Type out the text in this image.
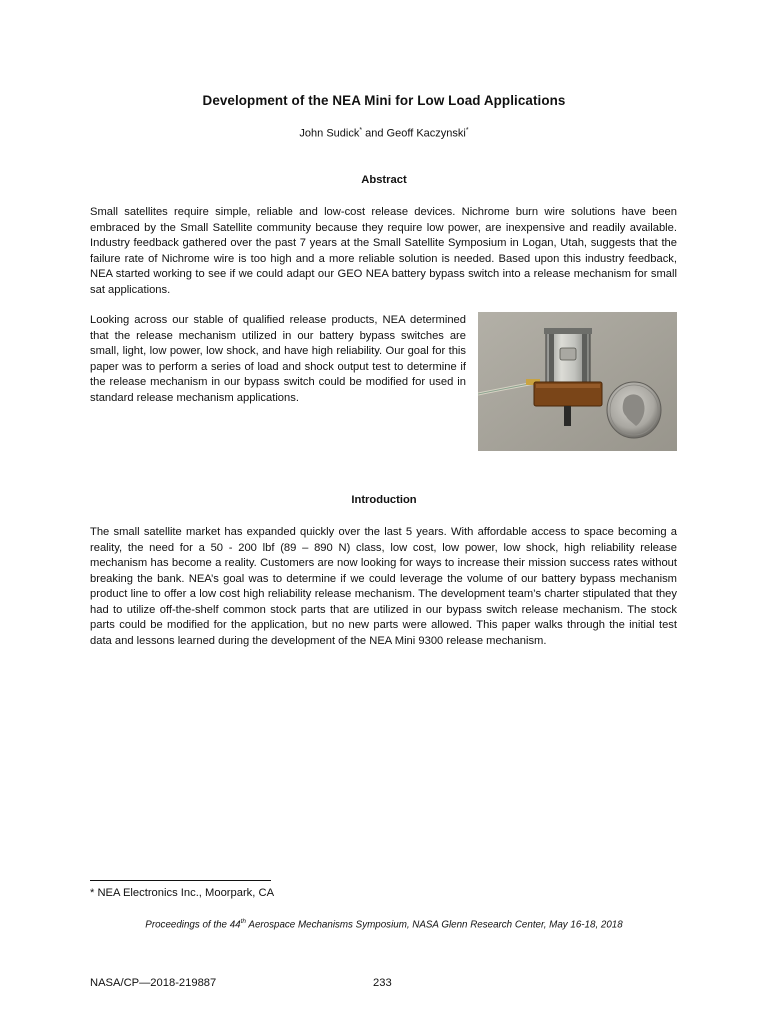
Development of the NEA Mini for Low Load Applications
John Sudick* and Geoff Kaczynski*
Abstract

Small satellites require simple, reliable and low-cost release devices. Nichrome burn wire solutions have been embraced by the Small Satellite community because they require low power, are inexpensive and readily available. Industry feedback gathered over the past 7 years at the Small Satellite Symposium in Logan, Utah, suggests that the failure rate of Nichrome wire is too high and a more reliable solution is needed. Based upon this industry feedback, NEA started working to see if we could adapt our GEO NEA battery bypass switch into a release mechanism for small sat applications.

Looking across our stable of qualified release products, NEA determined that the release mechanism utilized in our battery bypass switches are small, light, low power, low shock, and have high reliability. Our goal for this paper was to perform a series of load and shock output test to determine if the release mechanism in our bypass switch could be modified for used in standard release mechanism applications.

Introduction

The small satellite market has expanded quickly over the last 5 years. With affordable access to space becoming a reality, the need for a 50 - 200 lbf (89 – 890 N) class, low cost, low power, low shock, high reliability release mechanism has become a reality. Customers are now looking for ways to increase their mission success rates without breaking the bank. NEA’s goal was to determine if we could leverage the volume of our battery bypass mechanism product line to offer a low cost high reliability release mechanism. The development team’s charter stipulated that they had to utilize off-the-shelf common stock parts that are utilized in our bypass switch release mechanism. The stock parts could be modified for the application, but no new parts were allowed. This paper walks through the initial test data and lessons learned during the development of the NEA Mini 9300 release mechanism.

* NEA Electronics Inc., Moorpark, CA
Proceedings of the 44th Aerospace Mechanisms Symposium, NASA Glenn Research Center, May 16-18, 2018
NASA/CP—2018-219887	233
